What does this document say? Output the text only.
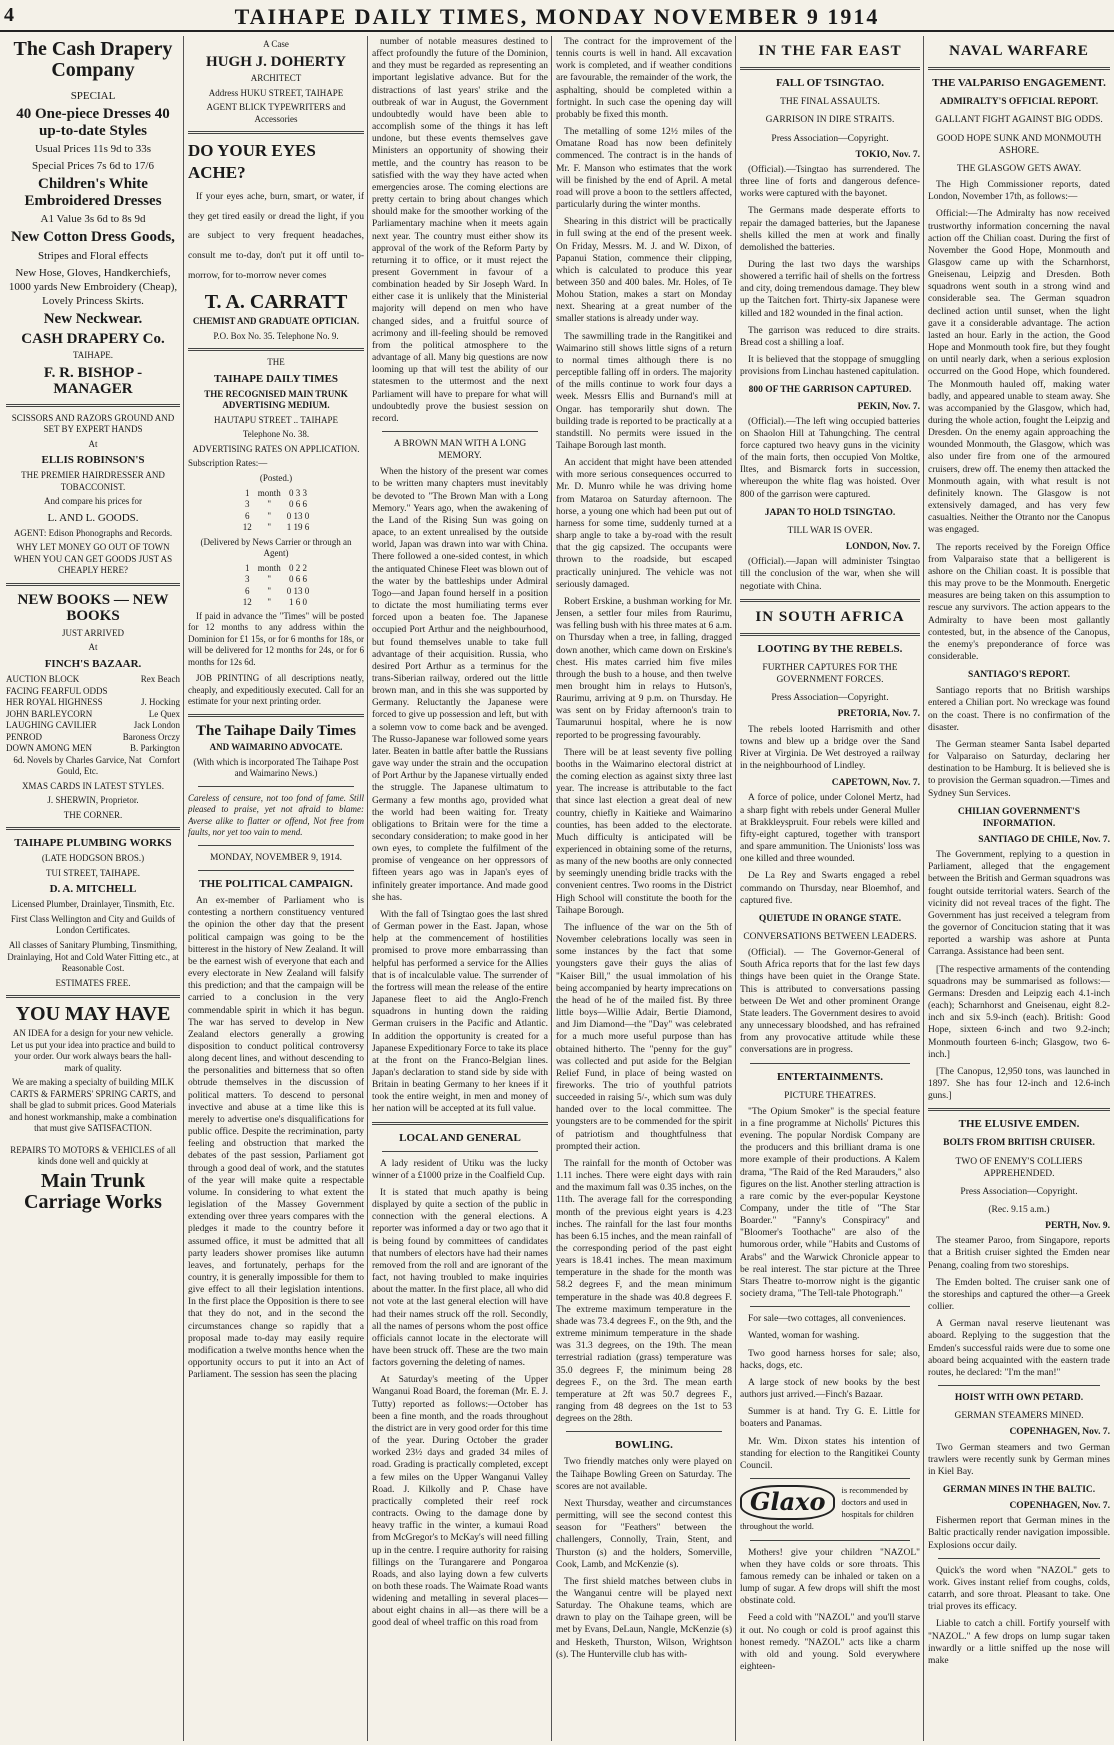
4	TAIHAPE DAILY TIMES, MONDAY NOVEMBER 9 1914
The Cash Drapery Company
SPECIAL
40 One-piece Dresses 40 up-to-date Styles
Usual Prices 11s 9d to 33s
Special Prices 7s 6d to 17/6
Children's White Embroidered Dresses
A1 Value 3s 6d to 8s 9d
New Cotton Dress Goods,
Stripes and Floral effects
New Hose, Gloves, Handkerchiefs, 1000 yards New Embroidery (Cheap), Lovely Princess Skirts.
New Neckwear.
CASH DRAPERY Co.
TAIHAPE.
F. R. BISHOP - MANAGER
SCISSORS AND RAZORS GROUND AND SET BY EXPERT HANDS
At
ELLIS ROBINSON'S
THE PREMIER HAIRDRESSER AND TOBACCONIST.
And compare his prices for
L. AND L. GOODS.
AGENT: Edison Phonographs and Records.
WHY LET MONEY GO OUT OF TOWN WHEN YOU CAN GET GOODS JUST AS CHEAPLY HERE?
NEW BOOKS — NEW BOOKS
JUST ARRIVED
At
FINCH'S BAZAAR.
AUCTION BLOCK	Rex Beach
FACING FEARFUL ODDS
HER ROYAL HIGHNESS	J. Hocking
JOHN BARLEYCORN	Le Quex
LAUGHING CAVILIER	Jack London
PENROD	Baroness Orczy
DOWN AMONG MEN	B. Parkington
6d. Novels by Charles Garvice, Nat Gould, Etc.
Cornfort
XMAS CARDS IN LATEST STYLES.
J. SHERWIN, Proprietor.
THE CORNER.
TAIHAPE PLUMBING WORKS
(LATE HODGSON BROS.)
TUI STREET, TAIHAPE.
D. A. MITCHELL
Licensed Plumber, Drainlayer, Tinsmith, Etc.
First Class Wellington and City and Guilds of London Certificates.
All classes of Sanitary Plumbing, Tinsmithing, Drainlaying, Hot and Cold Water Fitting etc., at Reasonable Cost.
ESTIMATES FREE.
YOU MAY HAVE
AN IDEA for a design for your new vehicle. Let us put your idea into practice and build to your order. Our work always bears the hall-mark of quality.
We are making a specialty of building MILK CARTS & FARMERS' SPRING CARTS, and shall be glad to submit prices. Good Materials and honest workmanship, make a combination that must give SATISFACTION.
REPAIRS TO MOTORS & VEHICLES of all kinds done well and quickly at
Main Trunk Carriage Works
A Case
HUGH J. DOHERTY
ARCHITECT
Address HUKU STREET, TAIHAPE
AGENT BLICK TYPEWRITERS and Accessories
DO YOUR EYES ACHE?

If your eyes ache, burn, smart, or water, if they get tired easily or dread the light, if you are subject to very frequent headaches, consult me to-day, don't put it off until to-morrow, for to-morrow never comes

T. A. CARRATT
CHEMIST AND GRADUATE OPTICIAN.
P.O. Box No. 35. Telephone No. 9.
THE
TAIHAPE DAILY TIMES
THE RECOGNISED MAIN TRUNK ADVERTISING MEDIUM.
HAUTAPU STREET .. TAIHAPE
Telephone No. 38.
ADVERTISING RATES ON APPLICATION.
Subscription Rates:—
(Posted.)
1	month	0 3 3
3	"	0 6 6
6	"	0 13 0
12	"	1 19 6
(Delivered by News Carrier or through an Agent)
1	month	0 2 2
3	"	0 6 6
6	"	0 13 0
12	"	1 6 0

If paid in advance the "Times" will be posted for 12 months to any address within the Dominion for £1 15s, or for 6 months for 18s, or will be delivered for 12 months for 24s, or for 6 months for 12s 6d.

JOB PRINTING of all descriptions neatly, cheaply, and expeditiously executed. Call for an estimate for your next printing order.

The Taihape Daily Times
AND WAIMARINO ADVOCATE.
(With which is incorporated The Taihape Post and Waimarino News.)

Careless of censure, not too fond of fame. Still pleased to praise, yet not afraid to blame: Averse alike to flatter or offend, Not free from faults, nor yet too vain to mend.

MONDAY, NOVEMBER 9, 1914.
THE POLITICAL CAMPAIGN.

An ex-member of Parliament who is contesting a northern constituency ventured the opinion the other day that the present political campaign was going to be the bitterest in the history of New Zealand. It will be the earnest wish of everyone that each and every electorate in New Zealand will falsify this prediction; and that the campaign will be carried to a conclusion in the very commendable spirit in which it has begun. The war has served to develop in New Zealand electors generally a growing disposition to conduct political controversy along decent lines, and without descending to the personalities and bitterness that so often obtrude themselves in the discussion of political matters. To descend to personal invective and abuse at a time like this is merely to advertise one's disqualifications for public office. Despite the recrimination, party feeling and obstruction that marked the debates of the past session, Parliament got through a good deal of work, and the statutes of the year will make quite a respectable volume. In considering to what extent the legislation of the Massey Government extending over three years compares with the pledges it made to the country before it assumed office, it must be admitted that all party leaders shower promises like autumn leaves, and fortunately, perhaps for the country, it is generally impossible for them to give effect to all their legislation intentions. In the first place the Opposition is there to see that they do not, and in the second the circumstances change so rapidly that a proposal made to-day may easily require modification a twelve months hence when the opportunity occurs to put it into an Act of Parliament. The session has seen the placing

number of notable measures destined to affect profoundly the future of the Dominion, and they must be regarded as representing an important legislative advance. But for the distractions of last years' strike and the outbreak of war in August, the Government undoubtedly would have been able to accomplish some of the things it has left undone, but these events themselves gave Ministers an opportunity of showing their mettle, and the country has reason to be satisfied with the way they have acted when emergencies arose. The coming elections are pretty certain to bring about changes which should make for the smoother working of the Parliamentary machine when it meets again next year. The country must either show its approval of the work of the Reform Party by returning it to office, or it must reject the present Government in favour of a combination headed by Sir Joseph Ward. In either case it is unlikely that the Ministerial majority will depend on men who have changed sides, and a fruitful source of acrimony and ill-feeling should be removed from the political atmosphere to the advantage of all. Many big questions are now looming up that will test the ability of our statesmen to the uttermost and the next Parliament will have to prepare for what will undoubtedly prove the busiest session on record.

A BROWN MAN WITH A LONG MEMORY.

When the history of the present war comes to be written many chapters must inevitably be devoted to "The Brown Man with a Long Memory." Years ago, when the awakening of the Land of the Rising Sun was going on apace, to an extent unrealised by the outside world, Japan was drawn into war with China. There followed a one-sided contest, in which the antiquated Chinese Fleet was blown out of the water by the battleships under Admiral Togo—and Japan found herself in a position to dictate the most humiliating terms ever forced upon a beaten foe. The Japanese occupied Port Arthur and the neighbourhood, but found themselves unable to take full advantage of their acquisition. Russia, who desired Port Arthur as a terminus for the trans-Siberian railway, ordered out the little brown man, and in this she was supported by Germany. Reluctantly the Japanese were forced to give up possession and left, but with a solemn vow to come back and be avenged. The Russo-Japanese war followed some years later. Beaten in battle after battle the Russians gave way under the strain and the occupation of Port Arthur by the Japanese virtually ended the struggle. The Japanese ultimatum to Germany a few months ago, provided what the world had been waiting for. Treaty obligations to Britain were for the time a secondary consideration; to make good in her own eyes, to complete the fulfilment of the promise of vengeance on her oppressors of fifteen years ago was in Japan's eyes of infinitely greater importance. And made good she has.

With the fall of Tsingtao goes the last shred of German power in the East. Japan, whose help at the commencement of hostilities promised to prove more embarrassing than helpful has performed a service for the Allies that is of incalculable value. The surrender of the fortress will mean the release of the entire Japanese fleet to aid the Anglo-French squadrons in hunting down the raiding German cruisers in the Pacific and Atlantic. In addition the opportunity is created for a Japanese Expeditionary Force to take its place at the front on the Franco-Belgian lines. Japan's declaration to stand side by side with Britain in beating Germany to her knees if it took the entire weight, in men and money of her nation will be accepted at its full value.

LOCAL AND GENERAL

A lady resident of Utiku was the lucky winner of a £1000 prize in the Coalfield Cup.

It is stated that much apathy is being displayed by quite a section of the public in connection with the general elections. A reporter was informed a day or two ago that it is being found by committees of candidates that numbers of electors have had their names removed from the roll and are ignorant of the fact, not having troubled to make inquiries about the matter. In the first place, all who did not vote at the last general election will have had their names struck off the roll. Secondly, all the names of persons whom the post office officials cannot locate in the electorate will have been struck off. These are the two main factors governing the deleting of names.

At Saturday's meeting of the Upper Wanganui Road Board, the foreman (Mr. E. J. Tutty) reported as follows:—October has been a fine month, and the roads throughout the district are in very good order for this time of the year. During October the grader worked 23½ days and graded 34 miles of road. Grading is practically completed, except a few miles on the Upper Wanganui Valley Road. J. Kilkolly and P. Chase have practically completed their reef rock contracts. Owing to the damage done by heavy traffic in the winter, a kumaui Road from McGregor's to McKay's will need filling up in the centre. I require authority for raising fillings on the Turangarere and Pongaroa Roads, and also laying down a few culverts on both these roads. The Waimate Road wants widening and metalling in several places—about eight chains in all—as there will be a good deal of wheel traffic on this road from

The contract for the improvement of the tennis courts is well in hand. All excavation work is completed, and if weather conditions are favourable, the remainder of the work, the asphalting, should be completed within a fortnight. In such case the opening day will probably be fixed this month.

The metalling of some 12½ miles of the Omatane Road has now been definitely commenced. The contract is in the hands of Mr. F. Manson who estimates that the work will be finished by the end of April. A metal road will prove a boon to the settlers affected, particularly during the winter months.

Shearing in this district will be practically in full swing at the end of the present week. On Friday, Messrs. M. J. and W. Dixon, of Papanui Station, commence their clipping, which is calculated to produce this year between 350 and 400 bales. Mr. Holes, of Te Mohou Station, makes a start on Monday next. Shearing at a great number of the smaller stations is already under way.

The sawmilling trade in the Rangitikei and Waimarino still shows little signs of a return to normal times although there is no perceptible falling off in orders. The majority of the mills continue to work four days a week. Messrs Ellis and Burnand's mill at Ongar. has temporarily shut down. The building trade is reported to be practically at a standstill. No permits were issued in the Taihape Borough last month.

An accident that might have been attended with more serious consequences occurred to Mr. D. Munro while he was driving home from Mataroa on Saturday afternoon. The horse, a young one which had been put out of harness for some time, suddenly turned at a sharp angle to take a by-road with the result that the gig capsized. The occupants were thrown to the roadside, but escaped practically uninjured. The vehicle was not seriously damaged.

Robert Erskine, a bushman working for Mr. Jensen, a settler four miles from Raurimu, was felling bush with his three mates at 6 a.m. on Thursday when a tree, in falling, dragged down another, which came down on Erskine's chest. His mates carried him five miles through the bush to a house, and then twelve men brought him in relays to Hutson's, Raurimu, arriving at 9 p.m. on Thursday. He was sent on by Friday afternoon's train to Taumarunui hospital, where he is now reported to be progressing favourably.

There will be at least seventy five polling booths in the Waimarino electoral district at the coming election as against sixty three last year. The increase is attributable to the fact that since last election a great deal of new country, chiefly in Kaitieke and Waimarino counties, has been added to the electorate. Much difficulty is anticipated will be experienced in obtaining some of the returns, as many of the new booths are only connected by seemingly unending bridle tracks with the convenient centres. Two rooms in the District High School will constitute the booth for the Taihape Borough.

The influence of the war on the 5th of November celebrations locally was seen in some instances by the fact that some youngsters gave their guys the alias of "Kaiser Bill," the usual immolation of his being accompanied by hearty imprecations on the head of he of the mailed fist. By three little boys—Willie Adair, Bertie Diamond, and Jim Diamond—the "Day" was celebrated for a much more useful purpose than has obtained hitherto. The "penny for the guy" was collected and put aside for the Belgian Relief Fund, in place of being wasted on fireworks. The trio of youthful patriots succeeded in raising 5/-, which sum was duly handed over to the local committee. The youngsters are to be commended for the spirit of patriotism and thoughtfulness that prompted their action.

The rainfall for the month of October was 1.11 inches. There were eight days with rain and the maximum fall was 0.35 inches, on the 11th. The average fall for the corresponding month of the previous eight years is 4.23 inches. The rainfall for the last four months has been 6.15 inches, and the mean rainfall of the corresponding period of the past eight years is 18.41 inches. The mean maximum temperature in the shade for the month was 58.2 degrees F, and the mean minimum temperature in the shade was 40.8 degrees F. The extreme maximum temperature in the shade was 73.4 degrees F., on the 9th, and the extreme minimum temperature in the shade was 31.3 degrees, on the 19th. The mean terrestrial radiation (grass) temperature was 35.0 degrees F, the minimum being 28 degrees F., on the 3rd. The mean earth temperature at 2ft was 50.7 degrees F., ranging from 48 degrees on the 1st to 53 degrees on the 28th.

BOWLING.

Two friendly matches only were played on the Taihape Bowling Green on Saturday. The scores are not available.

Next Thursday, weather and circumstances permitting, will see the second contest this season for "Feathers" between the challengers, Connolly, Train, Stent, and Thurston (s) and the holders, Somerville, Cook, Lamb, and McKenzie (s).

The first shield matches between clubs in the Wanganui centre will be played next Saturday. The Ohakune teams, which are drawn to play on the Taihape green, will be met by Evans, DeLaun, Nangle, McKenzie (s) and Hesketh, Thurston, Wilson, Wrightson (s). The Hunterville club has with-

IN THE FAR EAST
FALL OF TSINGTAO.
THE FINAL ASSAULTS.
GARRISON IN DIRE STRAITS.
Press Association—Copyright.
TOKIO, Nov. 7.

(Official).—Tsingtao has surrendered. The three line of forts and dangerous defence-works were captured with the bayonet.

The Germans made desperate efforts to repair the damaged batteries, but the Japanese shells killed the men at work and finally demolished the batteries.

During the last two days the warships showered a terrific hail of shells on the fortress and city, doing tremendous damage. They blew up the Taitchen fort. Thirty-six Japanese were killed and 182 wounded in the final action.

The garrison was reduced to dire straits. Bread cost a shilling a loaf.

It is believed that the stoppage of smuggling provisions from Linchau hastened capitulation.

800 OF THE GARRISON CAPTURED.
PEKIN, Nov. 7.

(Official).—The left wing occupied batteries on Shaolon Hill at Tahungching. The central force captured two heavy guns in the vicinity of the main forts, then occupied Von Moltke, Iltes, and Bismarck forts in succession, whereupon the white flag was hoisted. Over 800 of the garrison were captured.

JAPAN TO HOLD TSINGTAO.
TILL WAR IS OVER.
LONDON, Nov. 7.

(Official).—Japan will administer Tsingtao till the conclusion of the war, when she will negotiate with China.

IN SOUTH AFRICA
LOOTING BY THE REBELS.
FURTHER CAPTURES FOR THE GOVERNMENT FORCES.
Press Association—Copyright.
PRETORIA, Nov. 7.

The rebels looted Harrismith and other towns and blew up a bridge over the Sand River at Virginia. De Wet destroyed a railway in the neighbourhood of Lindley.

CAPETOWN, Nov. 7.

A force of police, under Colonel Mertz, had a sharp fight with rebels under General Muller at Brakkleyspruit. Four rebels were killed and fifty-eight captured, together with transport and spare ammunition. The Unionists' loss was one killed and three wounded.

De La Rey and Swarts engaged a rebel commando on Thursday, near Bloemhof, and captured five.

QUIETUDE IN ORANGE STATE.
CONVERSATIONS BETWEEN LEADERS.

(Official). — The Governor-General of South Africa reports that for the last few days things have been quiet in the Orange State. This is attributed to conversations passing between De Wet and other prominent Orange State leaders. The Government desires to avoid any unnecessary bloodshed, and has refrained from any provocative attitude while these conversations are in progress.

ENTERTAINMENTS.
PICTURE THEATRES.

"The Opium Smoker" is the special feature in a fine programme at Nicholls' Pictures this evening. The popular Nordisk Company are the producers and this brilliant drama is one more example of their productions. A Kalem drama, "The Raid of the Red Marauders," also figures on the list. Another sterling attraction is a rare comic by the ever-popular Keystone Company, under the title of "The Star Boarder." "Fanny's Conspiracy" and "Bloomer's Toothache" are also of the humorous order, while "Habits and Customs of Arabs" and the Warwick Chronicle appear to be real interest. The star picture at the Three Stars Theatre to-morrow night is the gigantic society drama, "The Tell-tale Photograph."

For sale—two cottages, all conveniences.

Wanted, woman for washing.

Two good harness horses for sale; also, hacks, dogs, etc.

A large stock of new books by the best authors just arrived.—Finch's Bazaar.

Summer is at hand. Try G. E. Little for boaters and Panamas.

Mr. Wm. Dixon states his intention of standing for election to the Rangitikei County Council.

Glaxo	is recommended by doctors and used in hospitals for children throughout the world.

Mothers! give your children "NAZOL" when they have colds or sore throats. This famous remedy can be inhaled or taken on a lump of sugar. A few drops will shift the most obstinate cold.

Feed a cold with "NAZOL" and you'll starve it out. No cough or cold is proof against this honest remedy. "NAZOL" acts like a charm with old and young. Sold everywhere eighteen-

NAVAL WARFARE
THE VALPARISO ENGAGEMENT.
ADMIRALTY'S OFFICIAL REPORT.
GALLANT FIGHT AGAINST BIG ODDS.
GOOD HOPE SUNK AND MONMOUTH ASHORE.
THE GLASGOW GETS AWAY.

The High Commissioner reports, dated London, November 17th, as follows:—

Official:—The Admiralty has now received trustworthy information concerning the naval action off the Chilian coast. During the first of November the Good Hope, Monmouth and Glasgow came up with the Scharnhorst, Gneisenau, Leipzig and Dresden. Both squadrons went south in a strong wind and considerable sea. The German squadron declined action until sunset, when the light gave it a considerable advantage. The action lasted an hour. Early in the action, the Good Hope and Monmouth took fire, but they fought on until nearly dark, when a serious explosion occurred on the Good Hope, which foundered. The Monmouth hauled off, making water badly, and appeared unable to steam away. She was accompanied by the Glasgow, which had, during the whole action, fought the Leipzig and Dresden. On the enemy again approaching the wounded Monmouth, the Glasgow, which was also under fire from one of the armoured cruisers, drew off. The enemy then attacked the Monmouth again, with what result is not definitely known. The Glasgow is not extensively damaged, and has very few casualties. Neither the Otranto nor the Canopus was engaged.

The reports received by the Foreign Office from Valparaiso state that a belligerent is ashore on the Chilian coast. It is possible that this may prove to be the Monmouth. Energetic measures are being taken on this assumption to rescue any survivors. The action appears to the Admiralty to have been most gallantly contested, but, in the absence of the Canopus, the enemy's preponderance of force was considerable.

SANTIAGO'S REPORT.

Santiago reports that no British warships entered a Chilian port. No wreckage was found on the coast. There is no confirmation of the disaster.

The German steamer Santa Isabel departed for Valparaiso on Saturday, declaring her destination to be Hamburg. It is believed she is to provision the German squadron.—Times and Sydney Sun Services.

CHILIAN GOVERNMENT'S INFORMATION.
SANTIAGO DE CHILE, Nov. 7.

The Government, replying to a question in Parliament, alleged that the engagement between the British and German squadrons was fought outside territorial waters. Search of the vicinity did not reveal traces of the fight. The Government has just received a telegram from the governor of Concitucion stating that it was reported a warship was ashore at Punta Carranga. Assistance had been sent.

[The respective armaments of the contending squadrons may be summarised as follows:—Germans: Dresden and Leipzig each 4.1-inch (each); Scharnhorst and Gneisenau, eight 8.2-inch and six 5.9-inch (each). British: Good Hope, sixteen 6-inch and two 9.2-inch; Monmouth fourteen 6-inch; Glasgow, two 6-inch.]

[The Canopus, 12,950 tons, was launched in 1897. She has four 12-inch and 12.6-inch guns.]

THE ELUSIVE EMDEN.
BOLTS FROM BRITISH CRUISER.
TWO OF ENEMY'S COLLIERS APPREHENDED.
Press Association—Copyright.
(Rec. 9.15 a.m.)
PERTH, Nov. 9.

The steamer Paroo, from Singapore, reports that a British cruiser sighted the Emden near Penang, coaling from two storeships.

The Emden bolted. The cruiser sank one of the storeships and captured the other—a Greek collier.

A German naval reserve lieutenant was aboard. Replying to the suggestion that the Emden's successful raids were due to some one aboard being acquainted with the eastern trade routes, he declared: "I'm the man!"

HOIST WITH OWN PETARD.
GERMAN STEAMERS MINED.
COPENHAGEN, Nov. 7.

Two German steamers and two German trawlers were recently sunk by German mines in Kiel Bay.

GERMAN MINES IN THE BALTIC.
COPENHAGEN, Nov. 7.

Fishermen report that German mines in the Baltic practically render navigation impossible. Explosions occur daily.

Quick's the word when "NAZOL" gets to work. Gives instant relief from coughs, colds, catarrh, and sore throat. Pleasant to take. One trial proves its efficacy.

Liable to catch a chill. Fortify yourself with "NAZOL." A few drops on lump sugar taken inwardly or a little sniffed up the nose will make
